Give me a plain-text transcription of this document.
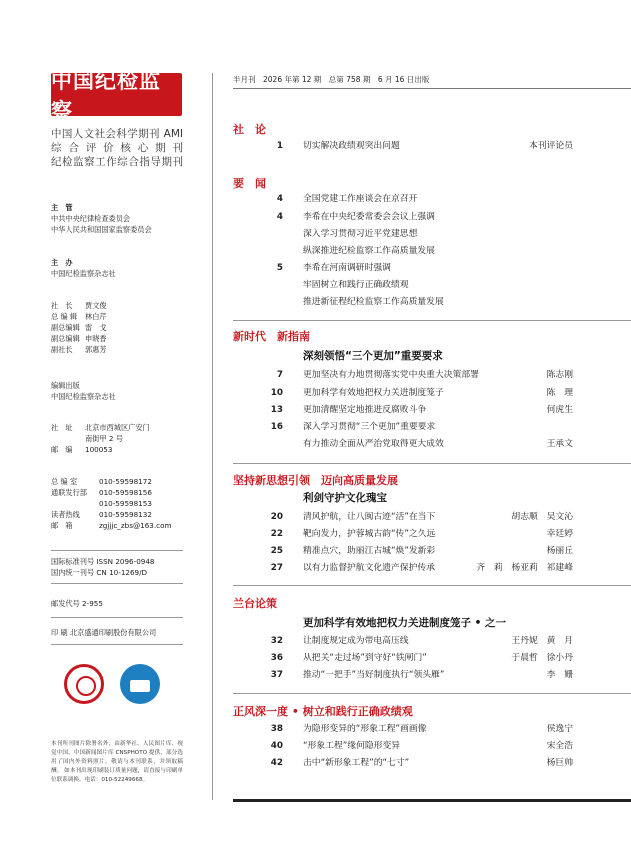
中国纪检监察
中国人文社会科学期刊 AMI
综 合 评 价 核 心 期 刊
纪检监察工作综合指导期刊
主　管
中共中央纪律检查委员会
中华人民共和国国家监察委员会
主　办
中国纪检监察杂志社
社　长	贾文俊
总 编 辑	林白芹
副总编辑 雷　戈
副总编辑 申晓香
副社长	郭惠芳
编辑出版
中国纪检监察杂志社
社　址	北京市西城区广安门
南街甲 2 号
邮　编	100053
总 编 室	010-59598172
通联发行部	010-59598156
010-59598153
读者热线	010-59598132
邮　箱	zgjjjc_zbs@163.com
国际标准刊号 ISSN 2096-0948
国内统一刊号 CN 10-1269/D
邮发代号 2-955
印 刷 北京盛通印刷股份有限公司
本刊所刊图片除署名外，由新华社、人民图片库、视觉中国、中国新闻图片库 CNSPHOTO 提供，部分选用了国内外资料照片，敬请与本刊联系，并领取稿酬。 如本刊出现印刷装订质量问题，请直接与印刷单位联系调换。电话：010-52249668。
半月刊　2026 年第 12 期　总第 758 期　6 月 16 日出版
社　论
1 切实解决政绩观突出问题	本刊评论员
要　闻
4 全国党建工作座谈会在京召开
4 李希在中央纪委常委会会议上强调
深入学习贯彻习近平党建思想
纵深推进纪检监察工作高质量发展
5 李希在河南调研时强调
牢固树立和践行正确政绩观
推进新征程纪检监察工作高质量发展
新时代　新指南
深刻领悟“三个更加”重要要求
7 更加坚决有力地贯彻落实党中央重大决策部署	陈志刚
10 更加科学有效地把权力关进制度笼子	陈　理
13 更加清醒坚定地推进反腐败斗争	何虎生
16 深入学习贯彻“三个更加”重要要求
有力推动全面从严治党取得更大成效	王承文
坚持新思想引领　迈向高质量发展
利剑守护文化瑰宝
20 清风护航，让八闽古迹“活”在当下	胡志顺　吴文沁
22 靶向发力，护蓉城古韵“传”之久远	幸廷婷
25 精准点穴，助丽江古城“焕”发新彩	杨丽丘
27 以有力监督护航文化遗产保护传承	齐　莉　杨亚莉　祁建峰
兰台论策
更加科学有效地把权力关进制度笼子 • 之一
32 让制度规定成为带电高压线	王丹妮　黄　月
36 从把关“走过场”到守好“铁闸门”	于晨哲　徐小丹
37 推动“一把手”当好制度执行“领头雁”	李　姗
正风深一度 • 树立和践行正确政绩观
38 为隐形变异的“形象工程”画画像	侯逸宁
40 “形象工程”缘何隐形变异	宋全浩
42 击中“新形象工程”的“七寸”	杨巨帅
